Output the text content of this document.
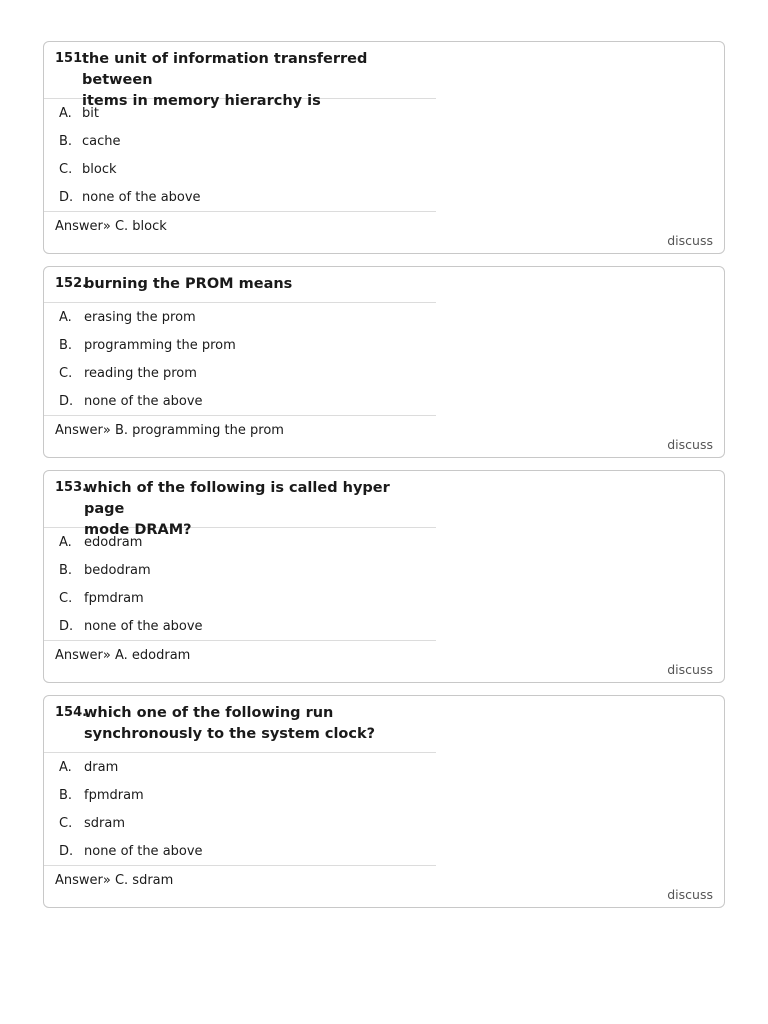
151.
the unit of information transferred between
items in memory hierarchy is
A. bit
B. cache
C. block
D. none of the above
Answer» C. block
discuss
152.
burning the PROM means
A. erasing the prom
B. programming the prom
C. reading the prom
D. none of the above
Answer» B. programming the prom
discuss
153.
which of the following is called hyper page
mode DRAM?
A. edodram
B. bedodram
C. fpmdram
D. none of the above
Answer» A. edodram
discuss
154.
which one of the following run
synchronously to the system clock?
A. dram
B. fpmdram
C. sdram
D. none of the above
Answer» C. sdram
discuss
